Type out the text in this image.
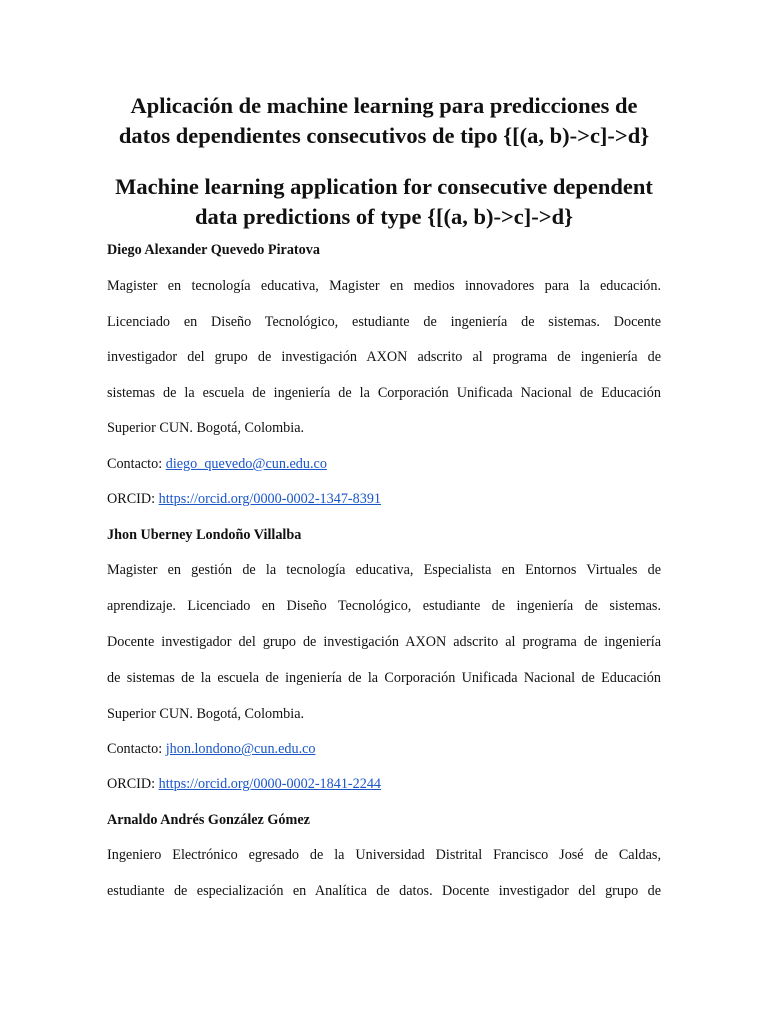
Aplicación de machine learning para predicciones de
datos dependientes consecutivos de tipo {[(a, b)->c]->d}
Machine learning application for consecutive dependent
data predictions of type {[(a, b)->c]->d}
Diego Alexander Quevedo Piratova
Magister en tecnología educativa, Magister en medios innovadores para la educación.
Licenciado en Diseño Tecnológico, estudiante de ingeniería de sistemas. Docente
investigador del grupo de investigación AXON adscrito al programa de ingeniería de
sistemas de la escuela de ingeniería de la Corporación Unificada Nacional de Educación
Superior CUN. Bogotá, Colombia.
Contacto: diego_quevedo@cun.edu.co
ORCID: https://orcid.org/0000-0002-1347-8391
Jhon Uberney Londoño Villalba
Magister en gestión de la tecnología educativa, Especialista en Entornos Virtuales de
aprendizaje. Licenciado en Diseño Tecnológico, estudiante de ingeniería de sistemas.
Docente investigador del grupo de investigación AXON adscrito al programa de ingeniería
de sistemas de la escuela de ingeniería de la Corporación Unificada Nacional de Educación
Superior CUN. Bogotá, Colombia.
Contacto: jhon.londono@cun.edu.co
ORCID: https://orcid.org/0000-0002-1841-2244
Arnaldo Andrés González Gómez
Ingeniero Electrónico egresado de la Universidad Distrital Francisco José de Caldas,
estudiante de especialización en Analítica de datos. Docente investigador del grupo de
